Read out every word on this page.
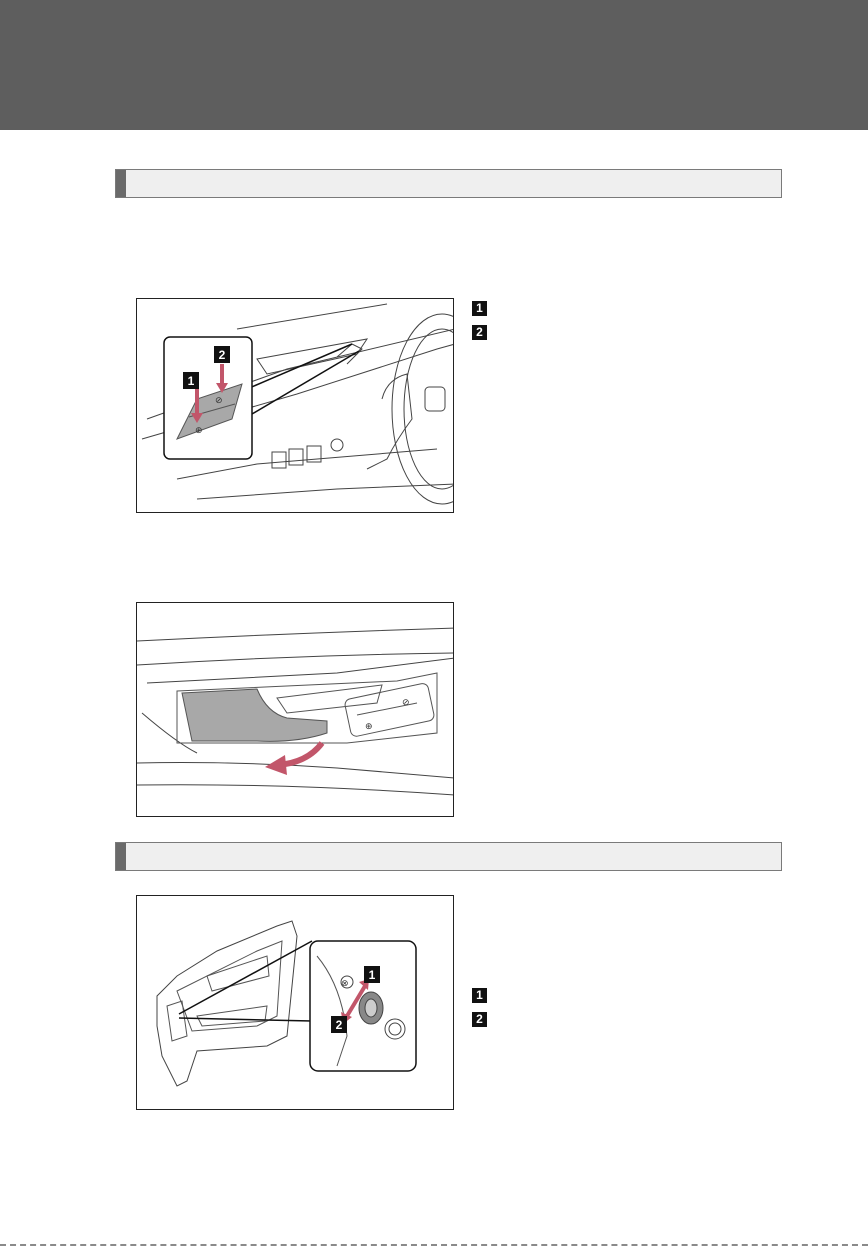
⊕
⊘
2
1
1
2
⊕
⊘
⊗
1
2
1
2
